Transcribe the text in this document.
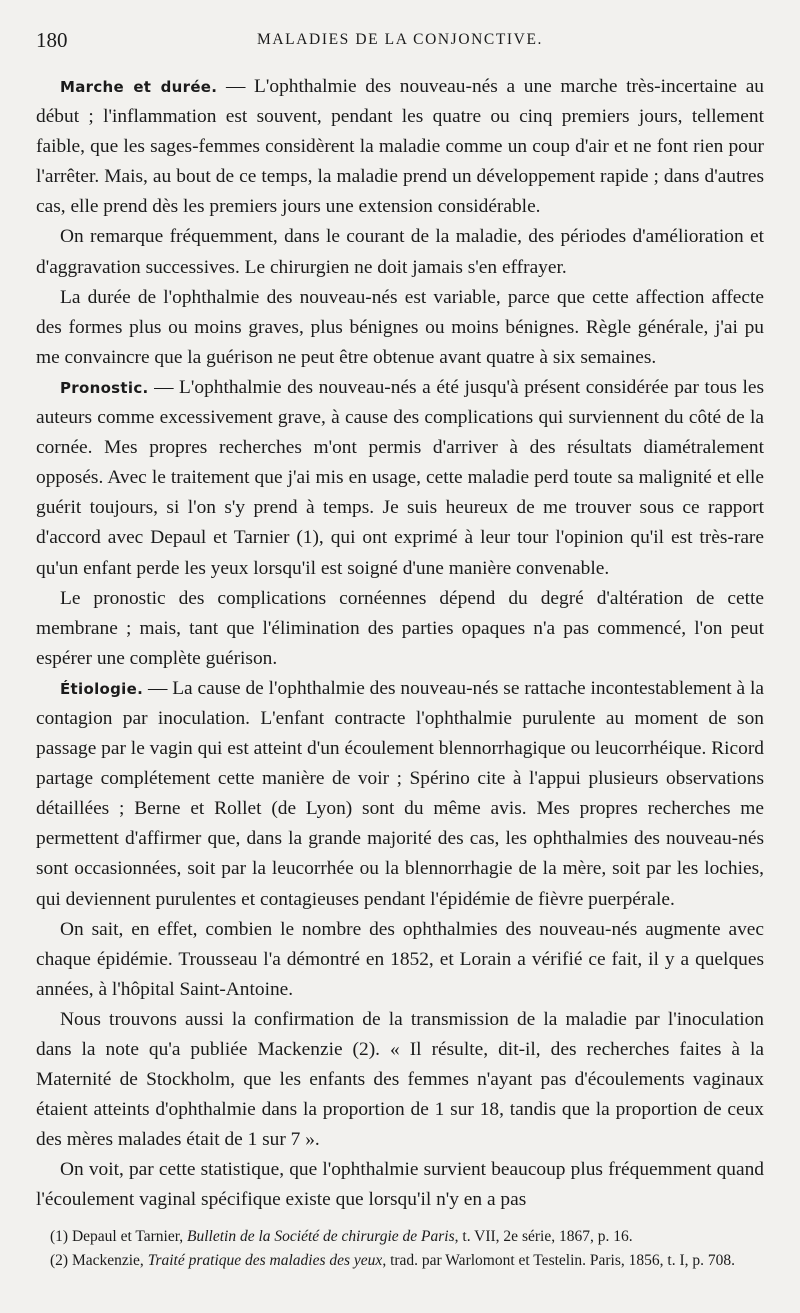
180	MALADIES DE LA CONJONCTIVE.

Marche et durée. — L'ophthalmie des nouveau-nés a une marche très-incertaine au début ; l'inflammation est souvent, pendant les quatre ou cinq premiers jours, tellement faible, que les sages-femmes considèrent la maladie comme un coup d'air et ne font rien pour l'arrêter. Mais, au bout de ce temps, la maladie prend un développement rapide ; dans d'autres cas, elle prend dès les premiers jours une extension considérable.

On remarque fréquemment, dans le courant de la maladie, des périodes d'amélioration et d'aggravation successives. Le chirurgien ne doit jamais s'en effrayer.

La durée de l'ophthalmie des nouveau-nés est variable, parce que cette affection affecte des formes plus ou moins graves, plus bénignes ou moins bénignes. Règle générale, j'ai pu me convaincre que la guérison ne peut être obtenue avant quatre à six semaines.

Pronostic. — L'ophthalmie des nouveau-nés a été jusqu'à présent considérée par tous les auteurs comme excessivement grave, à cause des complications qui surviennent du côté de la cornée. Mes propres recherches m'ont permis d'arriver à des résultats diamétralement opposés. Avec le traitement que j'ai mis en usage, cette maladie perd toute sa malignité et elle guérit toujours, si l'on s'y prend à temps. Je suis heureux de me trouver sous ce rapport d'accord avec Depaul et Tarnier (1), qui ont exprimé à leur tour l'opinion qu'il est très-rare qu'un enfant perde les yeux lorsqu'il est soigné d'une manière convenable.

Le pronostic des complications cornéennes dépend du degré d'altération de cette membrane ; mais, tant que l'élimination des parties opaques n'a pas commencé, l'on peut espérer une complète guérison.

Étiologie. — La cause de l'ophthalmie des nouveau-nés se rattache incontestablement à la contagion par inoculation. L'enfant contracte l'ophthalmie purulente au moment de son passage par le vagin qui est atteint d'un écoulement blennorrhagique ou leucorrhéique. Ricord partage complétement cette manière de voir ; Spérino cite à l'appui plusieurs observations détaillées ; Berne et Rollet (de Lyon) sont du même avis. Mes propres recherches me permettent d'affirmer que, dans la grande majorité des cas, les ophthalmies des nouveau-nés sont occasionnées, soit par la leucorrhée ou la blennorrhagie de la mère, soit par les lochies, qui deviennent purulentes et contagieuses pendant l'épidémie de fièvre puerpérale.

On sait, en effet, combien le nombre des ophthalmies des nouveau-nés augmente avec chaque épidémie. Trousseau l'a démontré en 1852, et Lorain a vérifié ce fait, il y a quelques années, à l'hôpital Saint-Antoine.

Nous trouvons aussi la confirmation de la transmission de la maladie par l'inoculation dans la note qu'a publiée Mackenzie (2). « Il résulte, dit-il, des recherches faites à la Maternité de Stockholm, que les enfants des femmes n'ayant pas d'écoulements vaginaux étaient atteints d'ophthalmie dans la proportion de 1 sur 18, tandis que la proportion de ceux des mères malades était de 1 sur 7 ».

On voit, par cette statistique, que l'ophthalmie survient beaucoup plus fréquemment quand l'écoulement vaginal spécifique existe que lorsqu'il n'y en a pas

(1) Depaul et Tarnier, Bulletin de la Société de chirurgie de Paris, t. VII, 2e série, 1867, p. 16.

(2) Mackenzie, Traité pratique des maladies des yeux, trad. par Warlomont et Testelin. Paris, 1856, t. I, p. 708.
